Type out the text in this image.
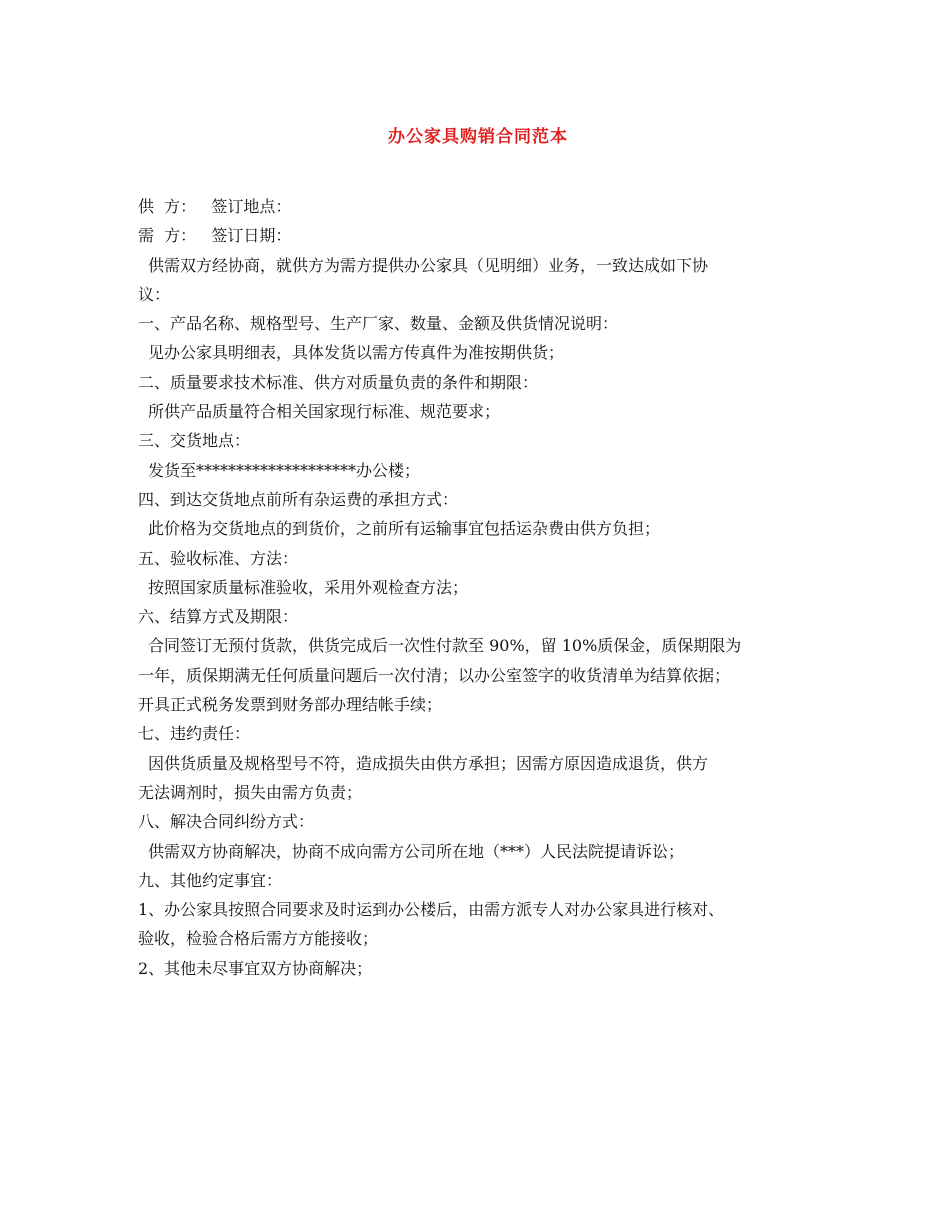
办公家具购销合同范本

供  方：   签订地点：

需  方：   签订日期：

供需双方经协商，就供方为需方提供办公家具（见明细）业务，一致达成如下协

议：

一、产品名称、规格型号、生产厂家、数量、金额及供货情况说明：

见办公家具明细表，具体发货以需方传真件为准按期供货；

二、质量要求技术标准、供方对质量负责的条件和期限：

所供产品质量符合相关国家现行标准、规范要求；

三、交货地点：

发货至********************办公楼；

四、到达交货地点前所有杂运费的承担方式：

此价格为交货地点的到货价，之前所有运输事宜包括运杂费由供方负担；

五、验收标准、方法：

按照国家质量标准验收，采用外观检查方法；

六、结算方式及期限：

合同签订无预付货款，供货完成后一次性付款至 90%，留 10%质保金，质保期限为

一年，质保期满无任何质量问题后一次付清；以办公室签字的收货清单为结算依据；

开具正式税务发票到财务部办理结帐手续；

七、违约责任：

因供货质量及规格型号不符，造成损失由供方承担；因需方原因造成退货，供方

无法调剂时，损失由需方负责；

八、解决合同纠纷方式：

供需双方协商解决，协商不成向需方公司所在地（***）人民法院提请诉讼；

九、其他约定事宜：

1、办公家具按照合同要求及时运到办公楼后，由需方派专人对办公家具进行核对、

验收，检验合格后需方方能接收；

2、其他未尽事宜双方协商解决；
